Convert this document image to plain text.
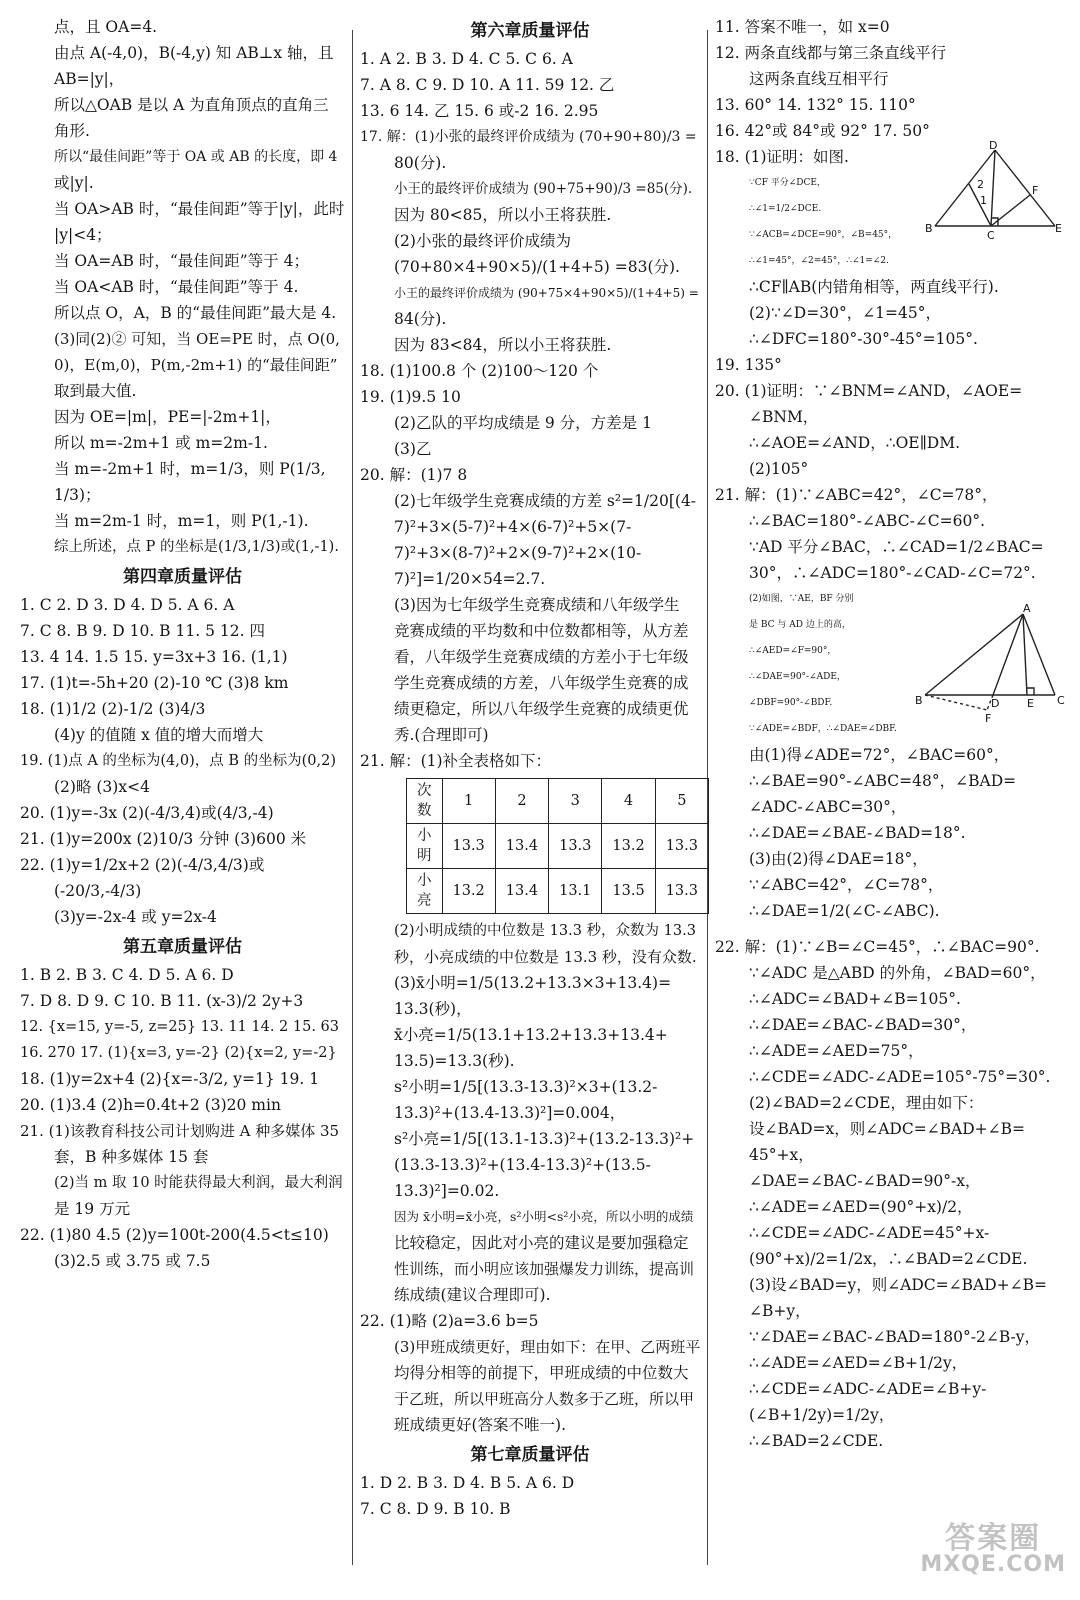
点，且 OA=4.
由点 A(-4,0)，B(-4,y) 知 AB⊥x 轴，且
AB=|y|，
所以△OAB 是以 A 为直角顶点的直角三
角形.
所以“最佳间距”等于 OA 或 AB 的长度，即 4
或|y|.
当 OA>AB 时，“最佳间距”等于|y|，此时
|y|<4；
当 OA=AB 时，“最佳间距”等于 4；
当 OA<AB 时，“最佳间距”等于 4.
所以点 O，A，B 的“最佳间距”最大是 4.
(3)同(2)② 可知，当 OE=PE 时，点 O(0,
0)，E(m,0)，P(m,-2m+1) 的“最佳间距”
取到最大值.
因为 OE=|m|，PE=|-2m+1|，
所以 m=-2m+1 或 m=2m-1.
当 m=-2m+1 时，m=1/3，则 P(1/3,
1/3)；
当 m=2m-1 时，m=1，则 P(1,-1).
综上所述，点 P 的坐标是(1/3,1/3)或(1,-1).
第四章质量评估
1. C 2. D 3. D 4. D 5. A 6. A
7. C 8. B 9. D 10. B 11. 5 12. 四
13. 4 14. 1.5 15. y=3x+3 16. (1,1)
17. (1)t=-5h+20 (2)-10 ℃ (3)8 km
18. (1)1/2 (2)-1/2 (3)4/3
(4)y 的值随 x 值的增大而增大
19. (1)点 A 的坐标为(4,0)，点 B 的坐标为(0,2)
(2)略 (3)x<4
20. (1)y=-3x (2)(-4/3,4)或(4/3,-4)
21. (1)y=200x (2)10/3 分钟 (3)600 米
22. (1)y=1/2x+2 (2)(-4/3,4/3)或
(-20/3,-4/3)
(3)y=-2x-4 或 y=2x-4
第五章质量评估
1. B 2. B 3. C 4. D 5. A 6. D
7. D 8. D 9. C 10. B 11. (x-3)/2 2y+3
12. {x=15, y=-5, z=25} 13. 11 14. 2 15. 63
16. 270 17. (1){x=3, y=-2} (2){x=2, y=-2}
18. (1)y=2x+4 (2){x=-3/2, y=1} 19. 1
20. (1)3.4 (2)h=0.4t+2 (3)20 min
21. (1)该教育科技公司计划购进 A 种多媒体 35
套，B 种多媒体 15 套
(2)当 m 取 10 时能获得最大利润，最大利润
是 19 万元
22. (1)80 4.5 (2)y=100t-200(4.5<t≤10)
(3)2.5 或 3.75 或 7.5
第六章质量评估
1. A 2. B 3. D 4. C 5. C 6. A
7. A 8. C 9. D 10. A 11. 59 12. 乙
13. 6 14. 乙 15. 6 或-2 16. 2.95
17. 解：(1)小张的最终评价成绩为 (70+90+80)/3 =
80(分).
小王的最终评价成绩为 (90+75+90)/3 =85(分).
因为 80<85，所以小王将获胜.
(2)小张的最终评价成绩为
(70+80×4+90×5)/(1+4+5) =83(分).
小王的最终评价成绩为 (90+75×4+90×5)/(1+4+5) =
84(分).
因为 83<84，所以小王将获胜.
18. (1)100.8 个 (2)100～120 个
19. (1)9.5 10
(2)乙队的平均成绩是 9 分，方差是 1
(3)乙
20. 解：(1)7 8
(2)七年级学生竞赛成绩的方差 s²=1/20[(4-
7)²+3×(5-7)²+4×(6-7)²+5×(7-
7)²+3×(8-7)²+2×(9-7)²+2×(10-
7)²]=1/20×54=2.7.
(3)因为七年级学生竞赛成绩和八年级学生
竞赛成绩的平均数和中位数都相等，从方差
看，八年级学生竞赛成绩的方差小于七年级
学生竞赛成绩的方差，八年级学生竞赛的成
绩更稳定，所以八年级学生竞赛的成绩更优
秀.(合理即可)
21. 解：(1)补全表格如下：
次数	1	2	3	4	5
小明	13.3	13.4	13.3	13.2	13.3
小亮	13.2	13.4	13.1	13.5	13.3
(2)小明成绩的中位数是 13.3 秒，众数为 13.3
秒，小亮成绩的中位数是 13.3 秒，没有众数.
(3)x̄小明=1/5(13.2+13.3×3+13.4)=
13.3(秒)，
x̄小亮=1/5(13.1+13.2+13.3+13.4+
13.5)=13.3(秒).
s²小明=1/5[(13.3-13.3)²×3+(13.2-
13.3)²+(13.4-13.3)²]=0.004，
s²小亮=1/5[(13.1-13.3)²+(13.2-13.3)²+
(13.3-13.3)²+(13.4-13.3)²+(13.5-
13.3)²]=0.02.
因为 x̄小明=x̄小亮，s²小明<s²小亮，所以小明的成绩
比较稳定，因此对小亮的建议是要加强稳定
性训练，而小明应该加强爆发力训练，提高训
练成绩(建议合理即可).
22. (1)略 (2)a=3.6 b=5
(3)甲班成绩更好，理由如下：在甲、乙两班平
均得分相等的前提下，甲班成绩的中位数大
于乙班，所以甲班高分人数多于乙班，所以甲
班成绩更好(答案不唯一).
第七章质量评估
1. D 2. B 3. D 4. B 5. A 6. D
7. C 8. D 9. B 10. B
11. 答案不唯一，如 x=0
12. 两条直线都与第三条直线平行
这两条直线互相平行
13. 60° 14. 132° 15. 110°
16. 42°或 84°或 92° 17. 50°
18. (1)证明：如图.
∵CF 平分∠DCE，
∴∠1=1/2∠DCE.
∵∠ACB=∠DCE=90°，∠B=45°，
∴∠1=45°，∠2=45°，∴∠1=∠2.
∴CF∥AB(内错角相等，两直线平行).
(2)∵∠D=30°，∠1=45°，
∴∠DFC=180°-30°-45°=105°.
19. 135°
20. (1)证明：∵∠BNM=∠AND，∠AOE=
∠BNM，
∴∠AOE=∠AND，∴OE∥DM.
(2)105°
21. 解：(1)∵∠ABC=42°，∠C=78°，
∴∠BAC=180°-∠ABC-∠C=60°.
∵AD 平分∠BAC，∴∠CAD=1/2∠BAC=
30°，∴∠ADC=180°-∠CAD-∠C=72°.
(2)如图，∵AE，BF 分别
是 BC 与 AD 边上的高，
∴∠AED=∠F=90°，
∴∠DAE=90°-∠ADE，
∠DBF=90°-∠BDF.
∵∠ADE=∠BDF，∴∠DAE=∠DBF.
由(1)得∠ADE=72°，∠BAC=60°，
∴∠BAE=90°-∠ABC=48°，∠BAD=
∠ADC-∠ABC=30°，
∴∠DAE=∠BAE-∠BAD=18°.
(3)由(2)得∠DAE=18°，
∵∠ABC=42°，∠C=78°，
∴∠DAE=1/2(∠C-∠ABC).
22. 解：(1)∵∠B=∠C=45°，∴∠BAC=90°.
∵∠ADC 是△ABD 的外角，∠BAD=60°，
∴∠ADC=∠BAD+∠B=105°.
∴∠DAE=∠BAC-∠BAD=30°，
∴∠ADE=∠AED=75°，
∴∠CDE=∠ADC-∠ADE=105°-75°=30°.
(2)∠BAD=2∠CDE，理由如下：
设∠BAD=x，则∠ADC=∠BAD+∠B=
45°+x，
∠DAE=∠BAC-∠BAD=90°-x，
∴∠ADE=∠AED=(90°+x)/2，
∴∠CDE=∠ADC-∠ADE=45°+x-
(90°+x)/2=1/2x，∴∠BAD=2∠CDE.
(3)设∠BAD=y，则∠ADC=∠BAD+∠B=
∠B+y，
∵∠DAE=∠BAC-∠BAD=180°-2∠B-y，
∴∠ADE=∠AED=∠B+1/2y，
∴∠CDE=∠ADC-∠ADE=∠B+y-
(∠B+1/2y)=1/2y，
∴∠BAD=2∠CDE.
D
2
1
F
B
C
E
A
B	D	E C
F
答案圈
MXQE.COM
